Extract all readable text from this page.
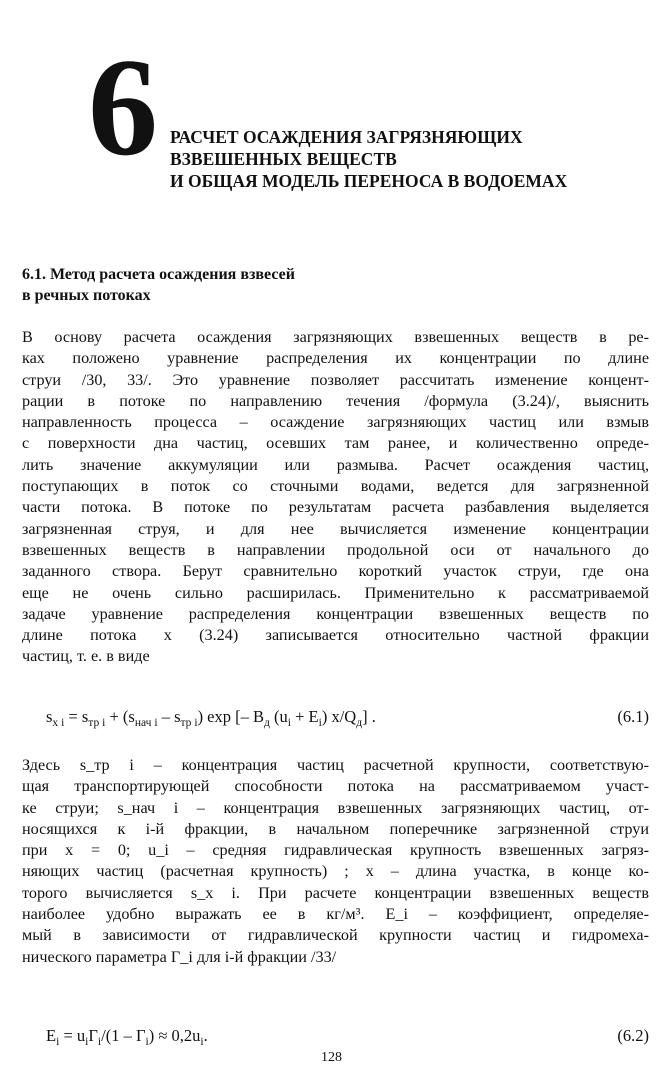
6 РАСЧЕТ ОСАЖДЕНИЯ ЗАГРЯЗНЯЮЩИХ
ВЗВЕШЕННЫХ ВЕЩЕСТВ
И ОБЩАЯ МОДЕЛЬ ПЕРЕНОСА В ВОДОЕМАХ
6.1. Метод расчета осаждения взвесей
в речных потоках
В основу расчета осаждения загрязняющих взвешенных веществ в ре-
ках положено уравнение распределения их концентрации по длине
струи /30, 33/. Это уравнение позволяет рассчитать изменение концент-
рации в потоке по направлению течения /формула (3.24)/, выяснить
направленность процесса – осаждение загрязняющих частиц или взмыв
с поверхности дна частиц, осевших там ранее, и количественно опреде-
лить значение аккумуляции или размыва. Расчет осаждения частиц,
поступающих в поток со сточными водами, ведется для загрязненной
части потока. В потоке по результатам расчета разбавления выделяется
загрязненная струя, и для нее вычисляется изменение концентрации
взвешенных веществ в направлении продольной оси от начального до
заданного створа. Берут сравнительно короткий участок струи, где она
еще не очень сильно расширилась. Применительно к рассматриваемой
задаче уравнение распределения концентрации взвешенных веществ по
длине потока x (3.24) записывается относительно частной фракции
частиц, т. е. в виде
$s_{x i} = s_{тр i} + (s_{нач i} - s_{тр i})$ exp [– $B_д$ $(u_i + E_i)$ $x/Q_д$] .	(6.1)
Здесь s_тр i – концентрация частиц расчетной крупности, соответствую-
щая транспортирующей способности потока на рассматриваемом участ-
ке струи; s_нач i – концентрация взвешенных загрязняющих частиц, от-
носящихся к i-й фракции, в начальном поперечнике загрязненной струи
при x = 0; u_i – средняя гидравлическая крупность взвешенных загряз-
няющих частиц (расчетная крупность) ; x – длина участка, в конце ко-
торого вычисляется s_x i. При расчете концентрации взвешенных веществ
наиболее удобно выражать ее в кг/м³. E_i – коэффициент, определяе-
мый в зависимости от гидравлической крупности частиц и гидромеха-
нического параметра Γ_i для i-й фракции /33/
$E_i = u_i\Gamma_i/(1 - \Gamma_i) \approx 0,2u_i$.	(6.2)
128
